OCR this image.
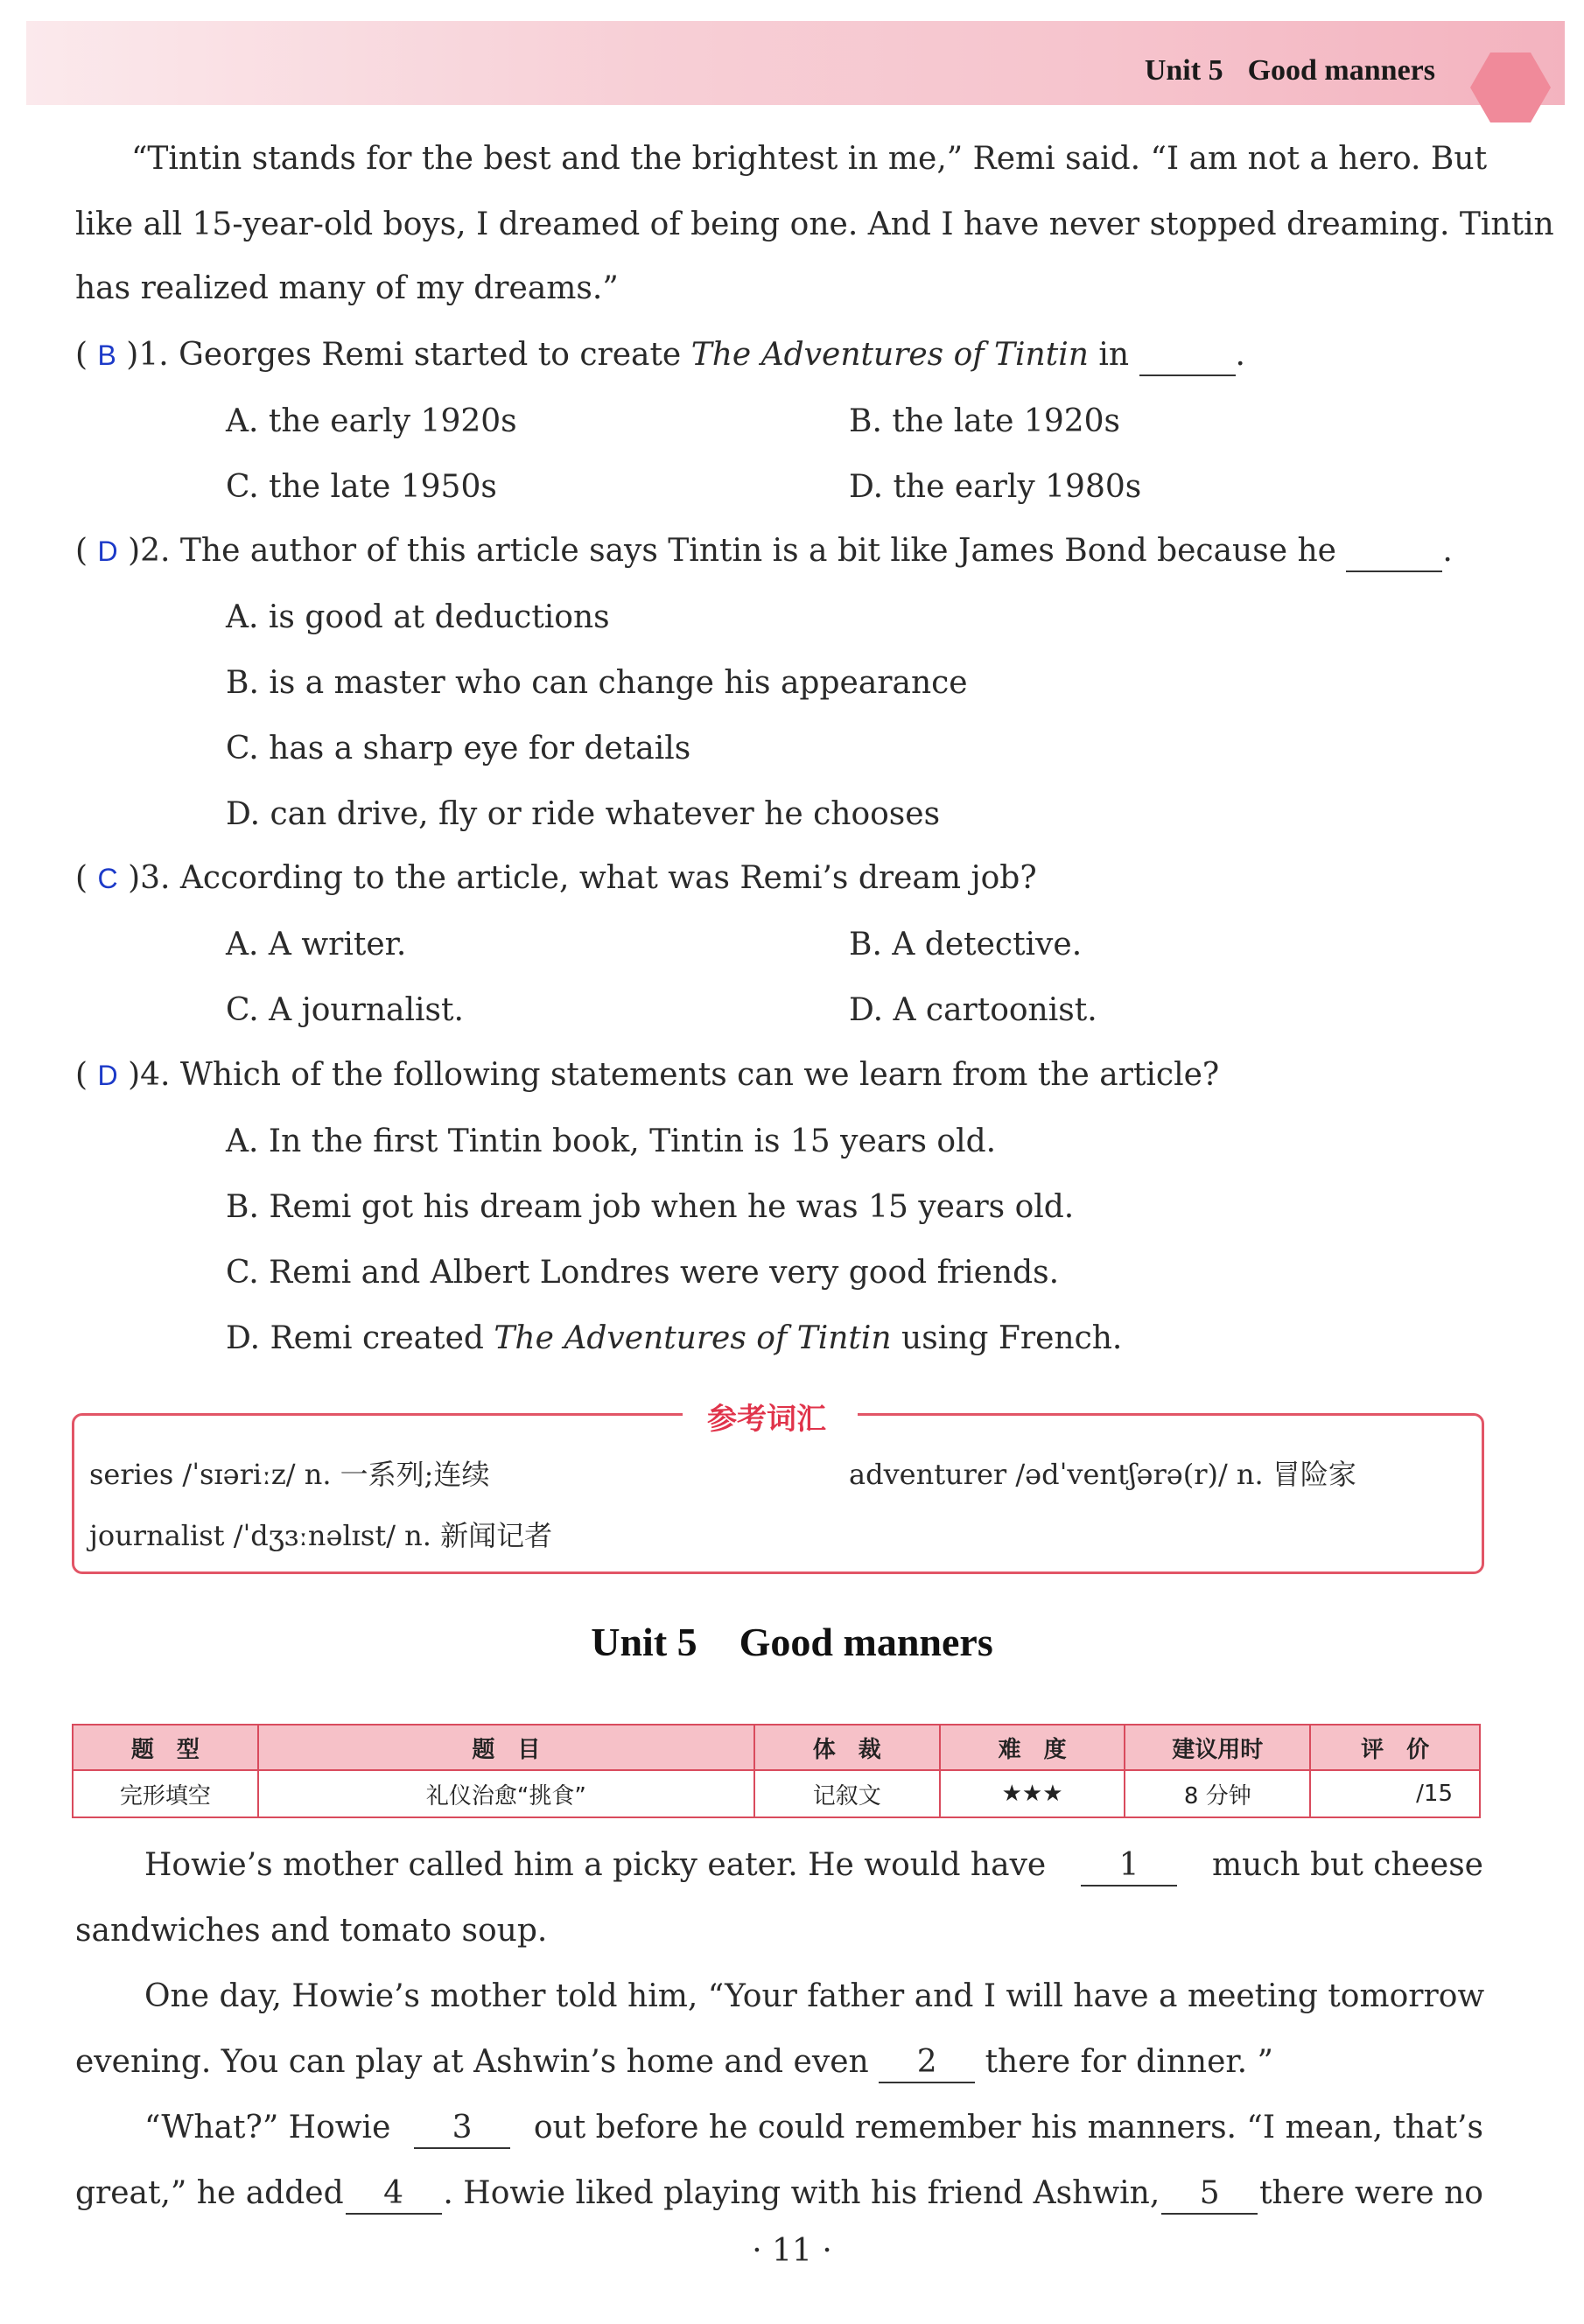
Unit 5 Good manners
“Tintin stands for the best and the brightest in me,” Remi said. “I am not a hero. But
like all 15-year-old boys, I dreamed of being one. And I have never stopped dreaming. Tintin
has realized many of my dreams.”
( B )1. Georges Remi started to create The Adventures of Tintin in	.
A. the early 1920s	B. the late 1920s
C. the late 1950s	D. the early 1980s
( D )2. The author of this article says Tintin is a bit like James Bond because he	.
A. is good at deductions
B. is a master who can change his appearance
C. has a sharp eye for details
D. can drive, fly or ride whatever he chooses
( C )3. According to the article, what was Remi’s dream job?
A. A writer.	B. A detective.
C. A journalist.	D. A cartoonist.
( D )4. Which of the following statements can we learn from the article?
A. In the first Tintin book, Tintin is 15 years old.
B. Remi got his dream job when he was 15 years old.
C. Remi and Albert Londres were very good friends.
D. Remi created The Adventures of Tintin using French.
参考词汇
series /ˈsɪəriːz/ n. 一系列;连续	adventurer /ədˈventʃərə(r)/ n. 冒险家
journalist /ˈdʒɜːnəlɪst/ n. 新闻记者
Unit 5 Good manners
题　型	题　目	体　裁	难　度	建议用时	评　价
完形填空	礼仪治愈“挑食”	记叙文	★★★	8 分钟	/15
Howie’s mother called him a picky eater. He would have	1	much but cheese
sandwiches and tomato soup.
One day, Howie’s mother told him, “Your father and I will have a meeting tomorrow
evening. You can play at Ashwin’s home and even 2 there for dinner. ”
“What?” Howie	3	out before he could remember his manners. “I mean, that’s
great,” he added	4	. Howie liked playing with his friend Ashwin,	5	there were no
· 11 ·
